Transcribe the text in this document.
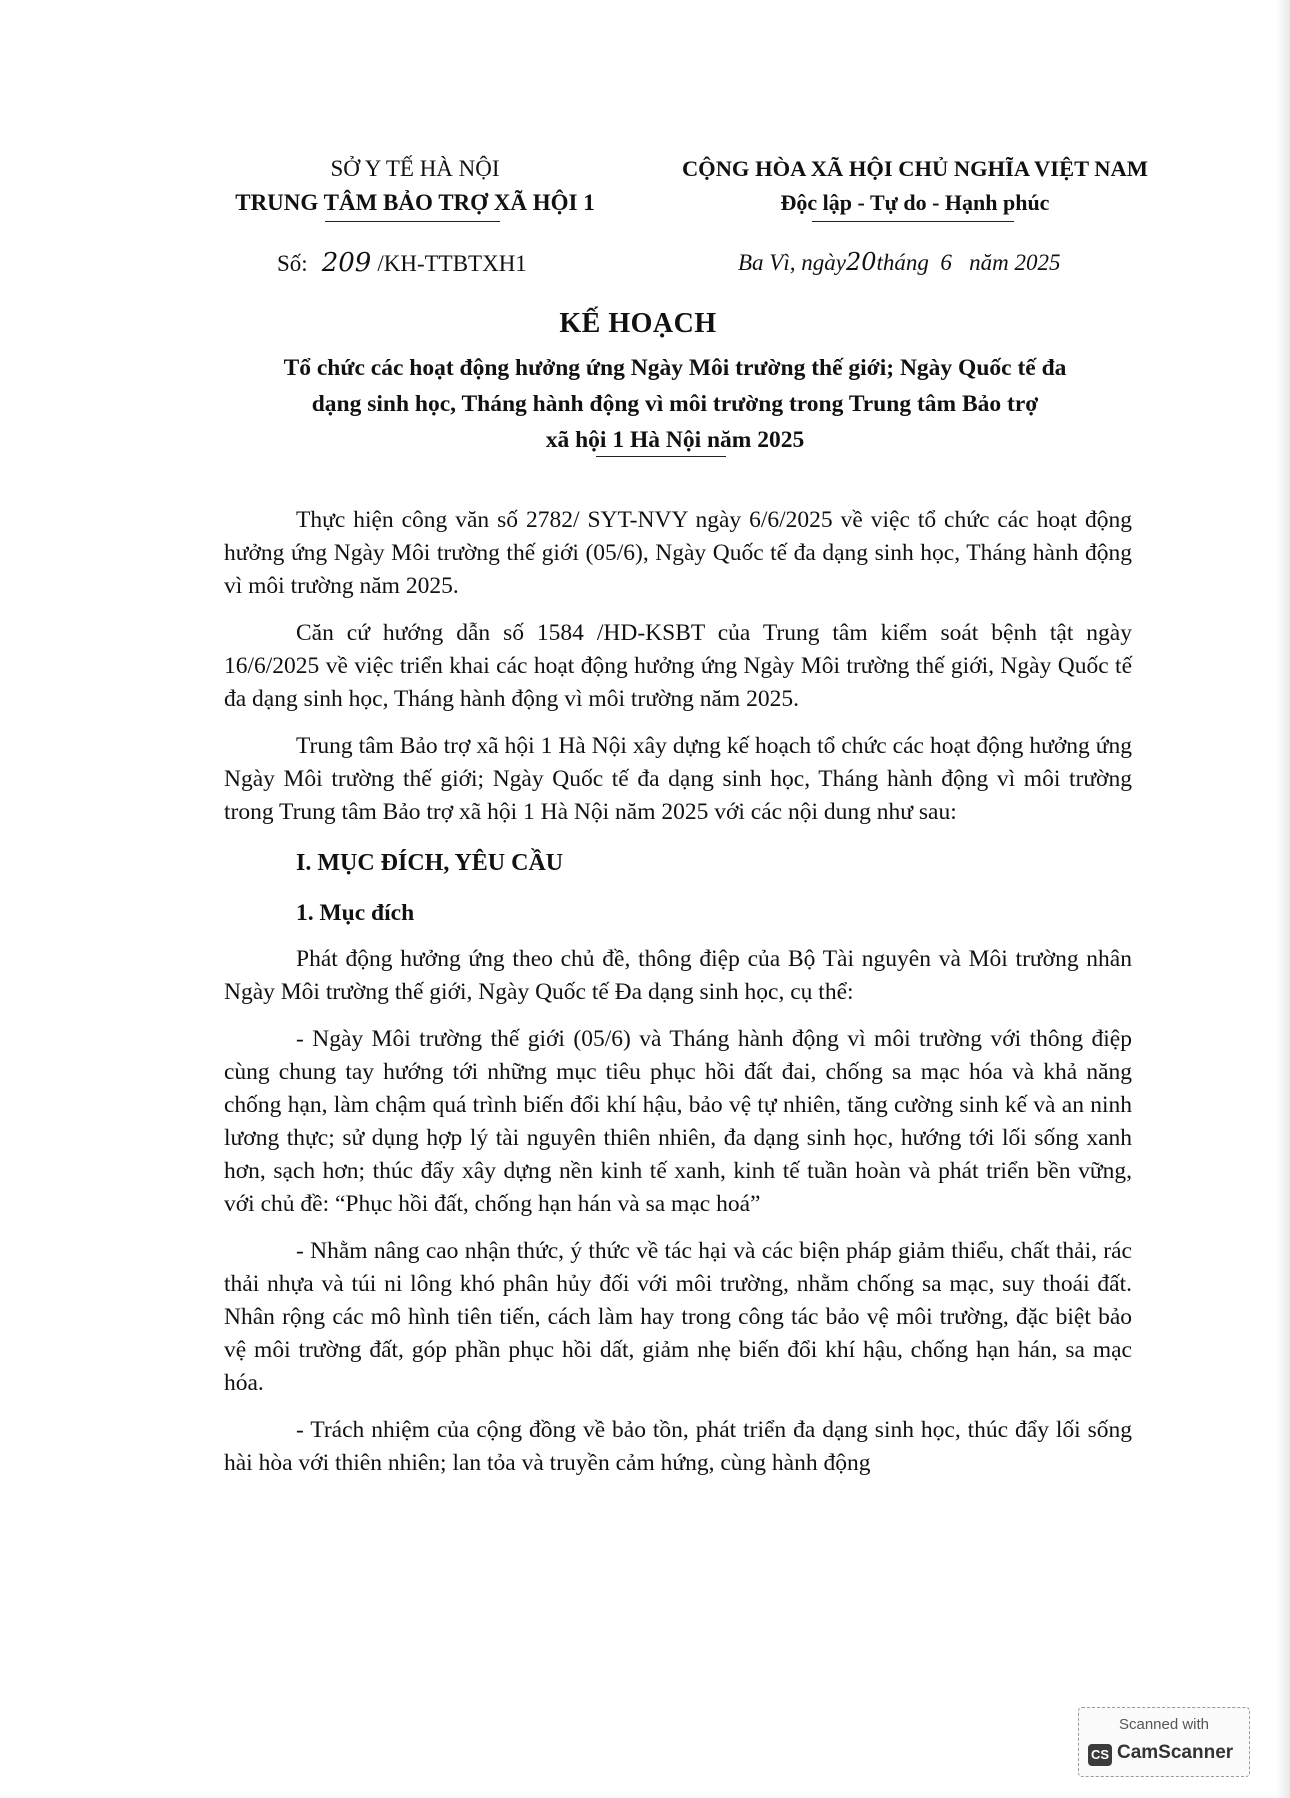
SỞ Y TẾ HÀ NỘI
TRUNG TÂM BẢO TRỢ XÃ HỘI 1
CỘNG HÒA XÃ HỘI CHỦ NGHĨA VIỆT NAM
Độc lập - Tự do - Hạnh phúc
Số: 209 /KH-TTBTXH1	Ba Vì, ngày20tháng 6 năm 2025
KẾ HOẠCH
Tổ chức các hoạt động hưởng ứng Ngày Môi trường thế giới; Ngày Quốc tế đa
dạng sinh học, Tháng hành động vì môi trường trong Trung tâm Bảo trợ
xã hội 1 Hà Nội năm 2025

Thực hiện công văn số 2782/ SYT-NVY ngày 6/6/2025 về việc tổ chức các hoạt động hưởng ứng Ngày Môi trường thế giới (05/6), Ngày Quốc tế đa dạng sinh học, Tháng hành động vì môi trường năm 2025.

Căn cứ hướng dẫn số 1584 /HD-KSBT của Trung tâm kiểm soát bệnh tật ngày 16/6/2025 về việc triển khai các hoạt động hưởng ứng Ngày Môi trường thế giới, Ngày Quốc tế đa dạng sinh học, Tháng hành động vì môi trường năm 2025.

Trung tâm Bảo trợ xã hội 1 Hà Nội xây dựng kế hoạch tổ chức các hoạt động hưởng ứng Ngày Môi trường thế giới; Ngày Quốc tế đa dạng sinh học, Tháng hành động vì môi trường trong Trung tâm Bảo trợ xã hội 1 Hà Nội năm 2025 với các nội dung như sau:

I. MỤC ĐÍCH, YÊU CẦU
1. Mục đích

Phát động hưởng ứng theo chủ đề, thông điệp của Bộ Tài nguyên và Môi trường nhân Ngày Môi trường thế giới, Ngày Quốc tế Đa dạng sinh học, cụ thể:

- Ngày Môi trường thế giới (05/6) và Tháng hành động vì môi trường với thông điệp cùng chung tay hướng tới những mục tiêu phục hồi đất đai, chống sa mạc hóa và khả năng chống hạn, làm chậm quá trình biến đổi khí hậu, bảo vệ tự nhiên, tăng cường sinh kế và an ninh lương thực; sử dụng hợp lý tài nguyên thiên nhiên, đa dạng sinh học, hướng tới lối sống xanh hơn, sạch hơn; thúc đẩy xây dựng nền kinh tế xanh, kinh tế tuần hoàn và phát triển bền vững, với chủ đề: “Phục hồi đất, chống hạn hán và sa mạc hoá”

- Nhằm nâng cao nhận thức, ý thức về tác hại và các biện pháp giảm thiểu, chất thải, rác thải nhựa và túi ni lông khó phân hủy đối với môi trường, nhằm chống sa mạc, suy thoái đất. Nhân rộng các mô hình tiên tiến, cách làm hay trong công tác bảo vệ môi trường, đặc biệt bảo vệ môi trường đất, góp phần phục hồi dất, giảm nhẹ biến đổi khí hậu, chống hạn hán, sa mạc hóa.

- Trách nhiệm của cộng đồng về bảo tồn, phát triển đa dạng sinh học, thúc đẩy lối sống hài hòa với thiên nhiên; lan tỏa và truyền cảm hứng, cùng hành động

Scanned with
CS CamScanner
